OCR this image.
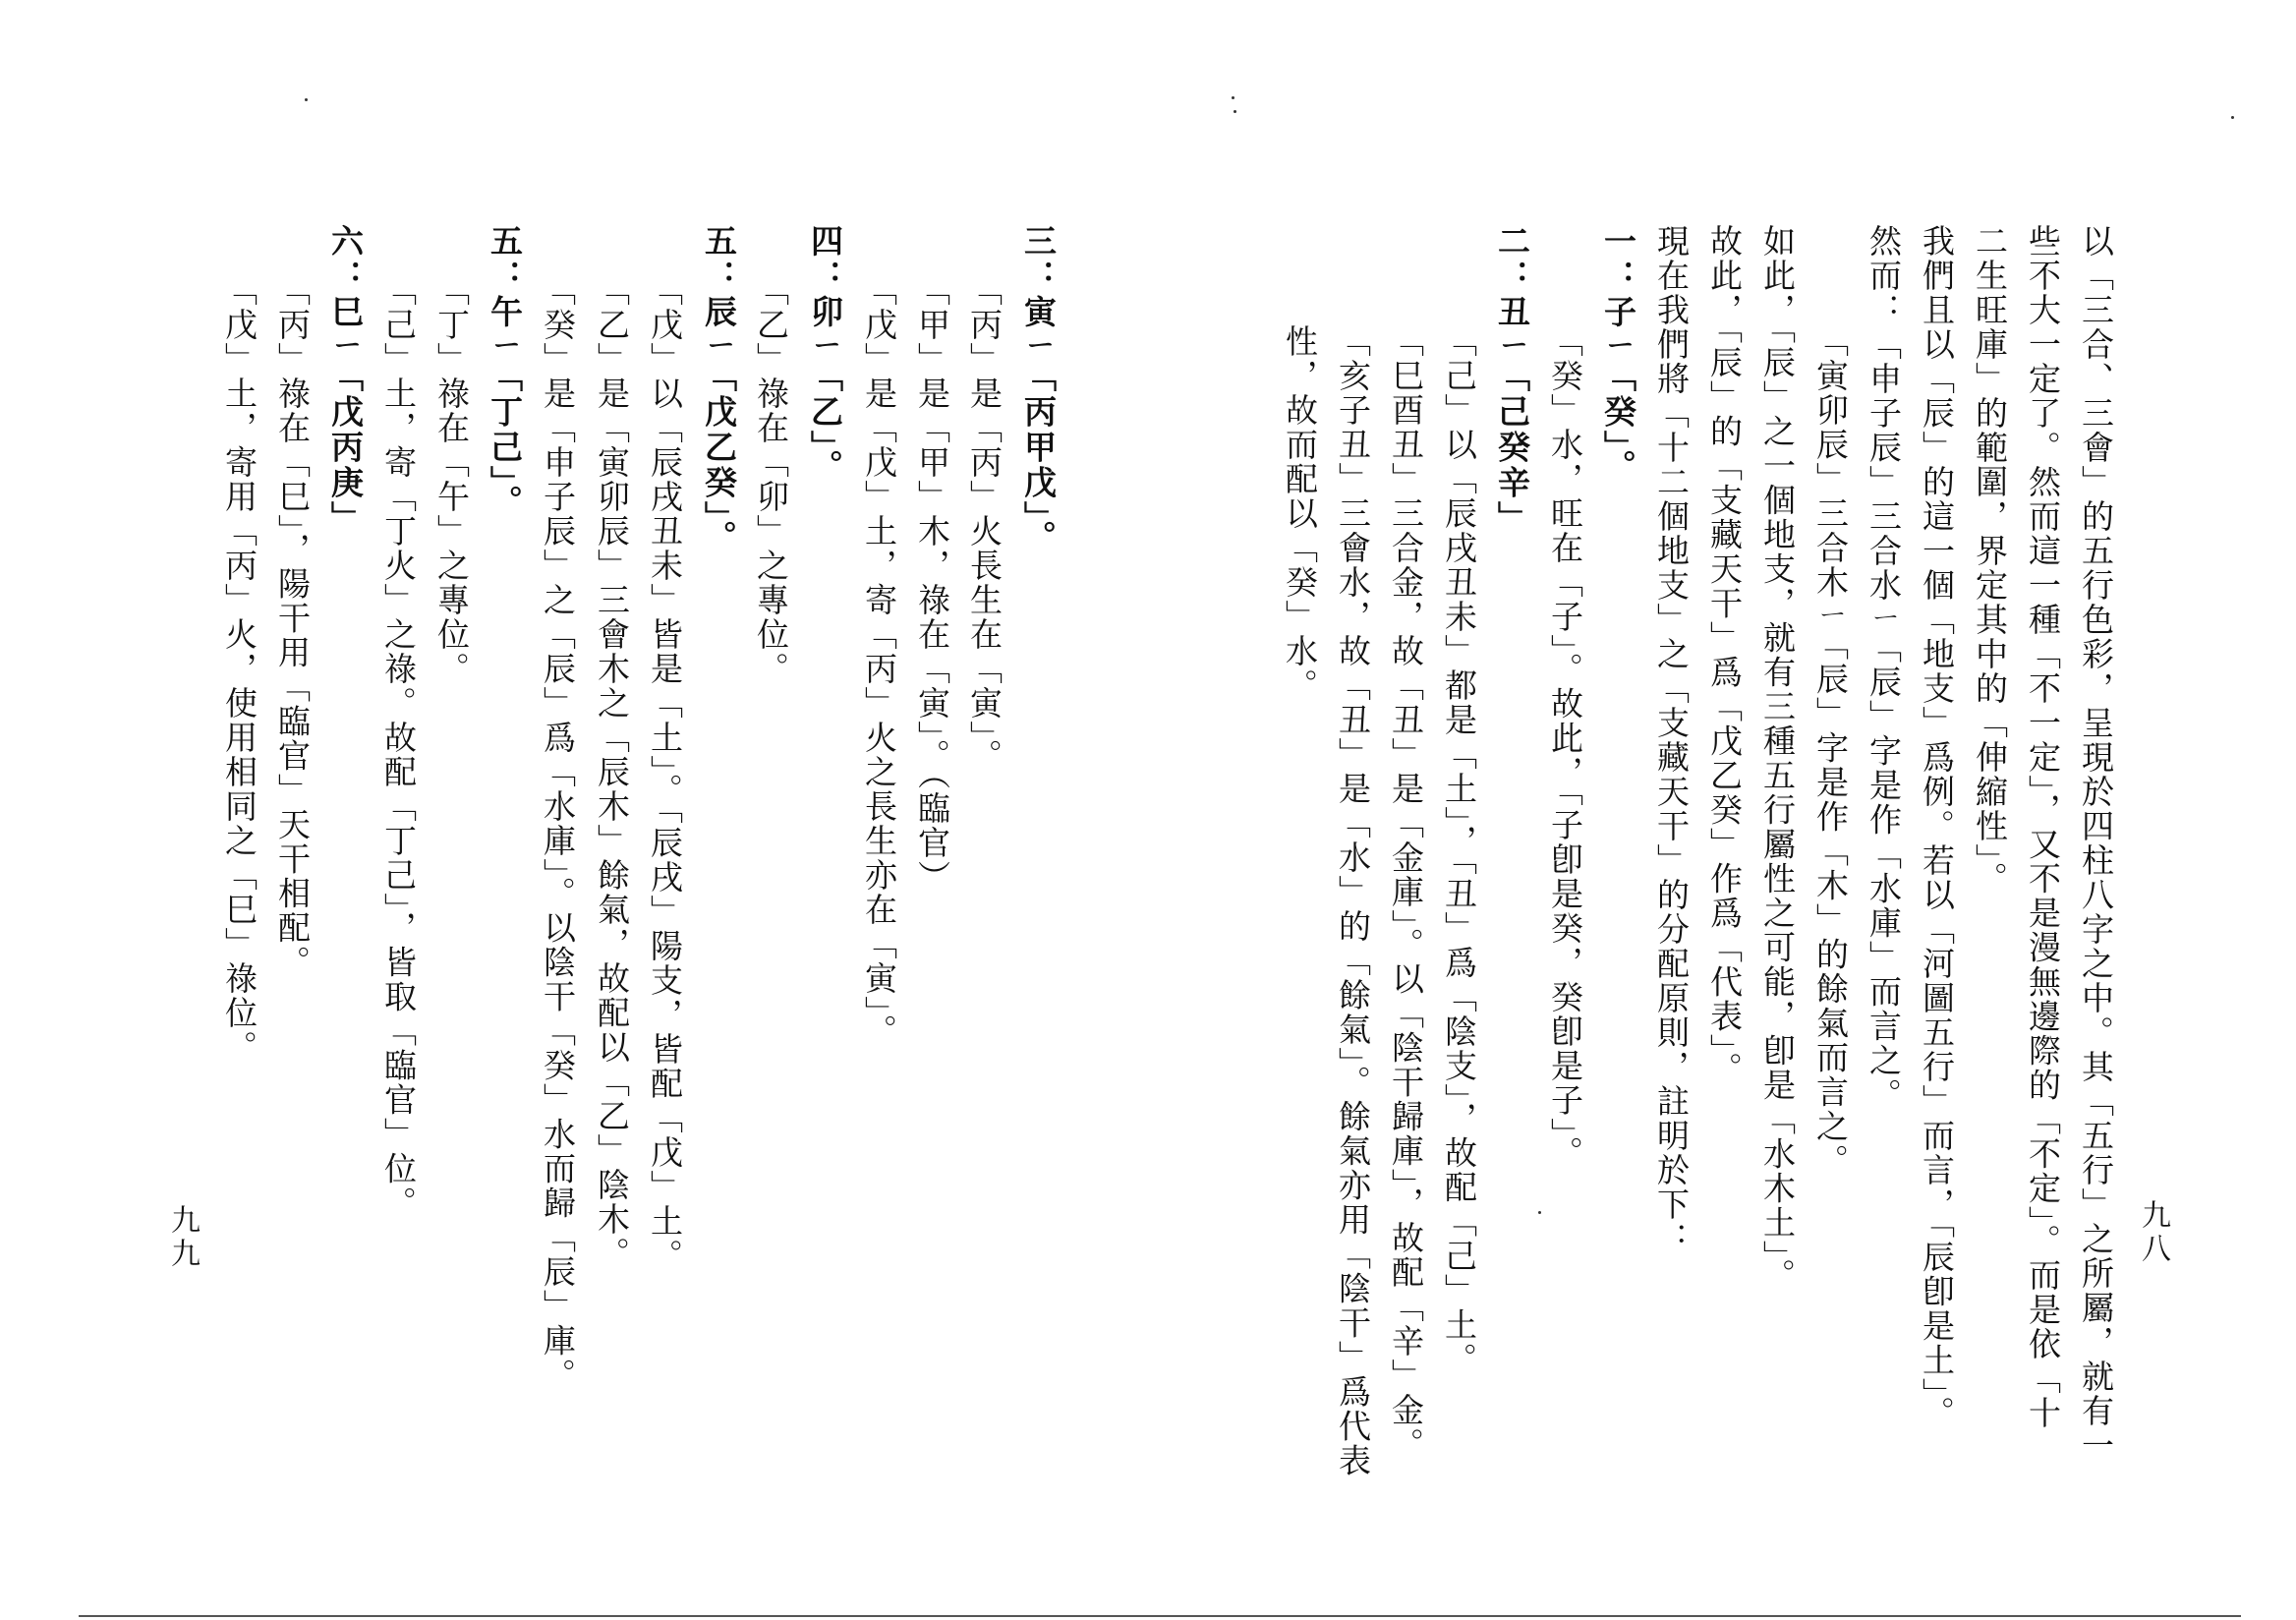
三：寅ㄧ「丙甲戊」。
「丙」是「丙」火長生在「寅」。
「甲」是「甲」木，祿在「寅」。（臨官）
「戊」是「戊」土，寄「丙」火之長生亦在「寅」。
四：卯ㄧ「乙」。
「乙」祿在「卯」之專位。
五：辰ㄧ「戊乙癸」。
「戊」以「辰戌丑未」皆是「土」。「辰戌」陽支，皆配「戊」土。
「乙」是「寅卯辰」三會木之「辰木」餘氣，故配以「乙」陰木。
「癸」是「申子辰」之「辰」爲「水庫」。以陰干「癸」水而歸「辰」庫。
五：午ㄧ「丁己」。
「丁」祿在「午」之專位。
「己」土，寄「丁火」之祿。故配「丁己」，皆取「臨官」位。
六：巳ㄧ「戊丙庚」
「丙」祿在「巳」，陽干用「臨官」天干相配。
「戊」土，寄用「丙」火，使用相同之「巳」祿位。
九九	九八
以「三合、三會」的五行色彩，呈現於四柱八字之中。其「五行」之所屬，就有一
些不大一定了。然而這一種「不一定」，又不是漫無邊際的「不定」。而是依「十
二生旺庫」的範圍，界定其中的「伸縮性」。
我們且以「辰」的這一個「地支」爲例。若以「河圖五行」而言，「辰卽是土」。
然而：「申子辰」三合水ㄧ「辰」字是作「水庫」而言之。
「寅卯辰」三合木ㄧ「辰」字是作「木」的餘氣而言之。
如此，「辰」之一個地支，就有三種五行屬性之可能，卽是「水木土」。
故此，「辰」的「支藏天干」爲「戊乙癸」作爲「代表」。
現在我們將「十二個地支」之「支藏天干」的分配原則，註明於下：
一：子ㄧ「癸」。
「癸」水，旺在「子」。故此，「子卽是癸，癸卽是子」。
二：丑ㄧ「己癸辛」
「己」以「辰戌丑未」都是「土」，「丑」爲「陰支」，故配「己」土。
「巳酉丑」三合金，故「丑」是「金庫」。以「陰干歸庫」，故配「辛」金。
「亥子丑」三會水，故「丑」是「水」的「餘氣」。餘氣亦用「陰干」爲代表
性，故而配以「癸」水。
